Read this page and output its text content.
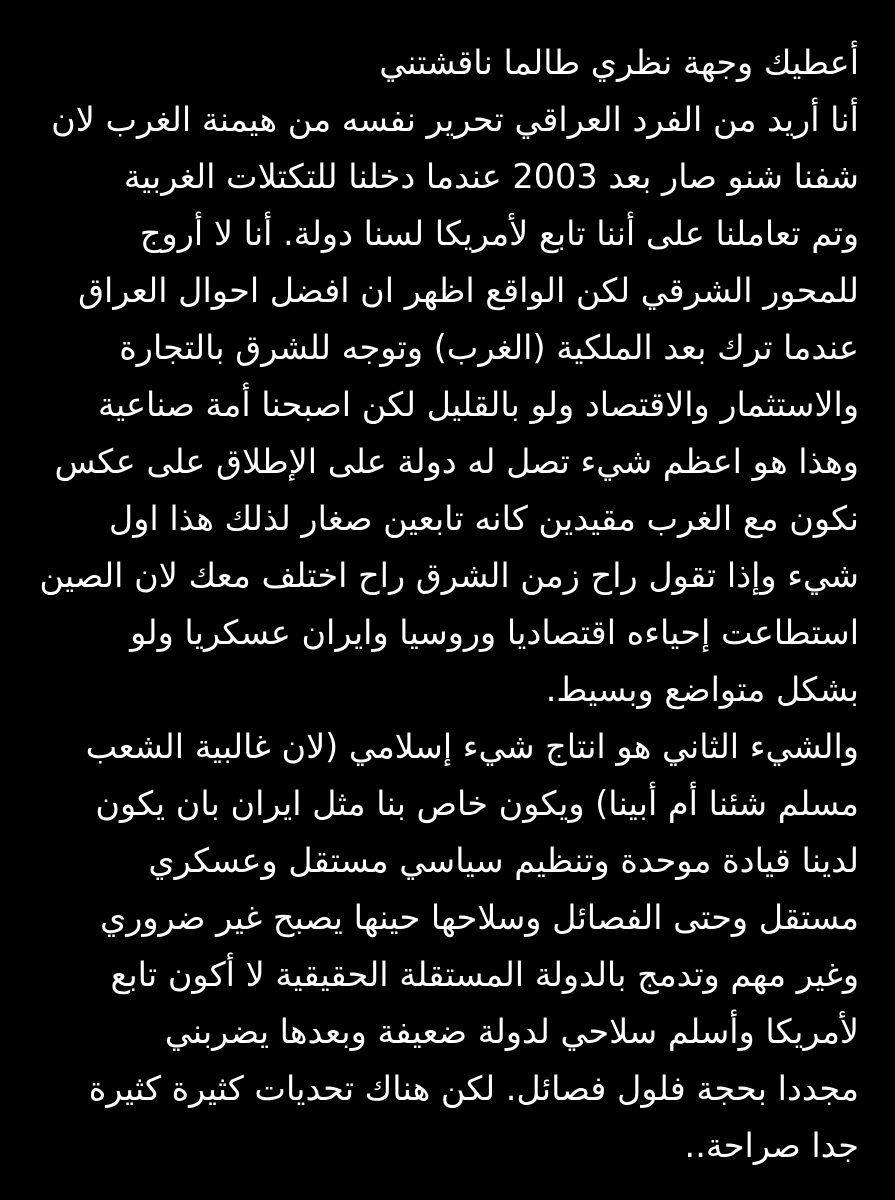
أعطيك وجهة نظري طالما ناقشتني
أنا أريد من الفرد العراقي تحرير نفسه من هيمنة الغرب لان
شفنا شنو صار بعد 2003 عندما دخلنا للتكتلات الغربية
وتم تعاملنا على أننا تابع لأمريكا لسنا دولة. أنا لا أروج
للمحور الشرقي لكن الواقع اظهر ان افضل احوال العراق
عندما ترك بعد الملكية (الغرب) وتوجه للشرق بالتجارة
والاستثمار والاقتصاد ولو بالقليل لكن اصبحنا أمة صناعية
وهذا هو اعظم شيء تصل له دولة على الإطلاق على عكس
نكون مع الغرب مقيدين كانه تابعين صغار لذلك هذا اول
شيء وإذا تقول راح زمن الشرق راح اختلف معك لان الصين
استطاعت إحياءه اقتصاديا وروسيا وايران عسكريا ولو
بشكل متواضع وبسيط.
والشيء الثاني هو انتاج شيء إسلامي (لان غالبية الشعب
مسلم شئنا أم أبينا) ويكون خاص بنا مثل ايران بان يكون
لدينا قيادة موحدة وتنظيم سياسي مستقل وعسكري
مستقل وحتى الفصائل وسلاحها حينها يصبح غير ضروري
وغير مهم وتدمج بالدولة المستقلة الحقيقية لا أكون تابع
لأمريكا وأسلم سلاحي لدولة ضعيفة وبعدها يضربني
مجددا بحجة فلول فصائل. لكن هناك تحديات كثيرة كثيرة
جدا صراحة..
